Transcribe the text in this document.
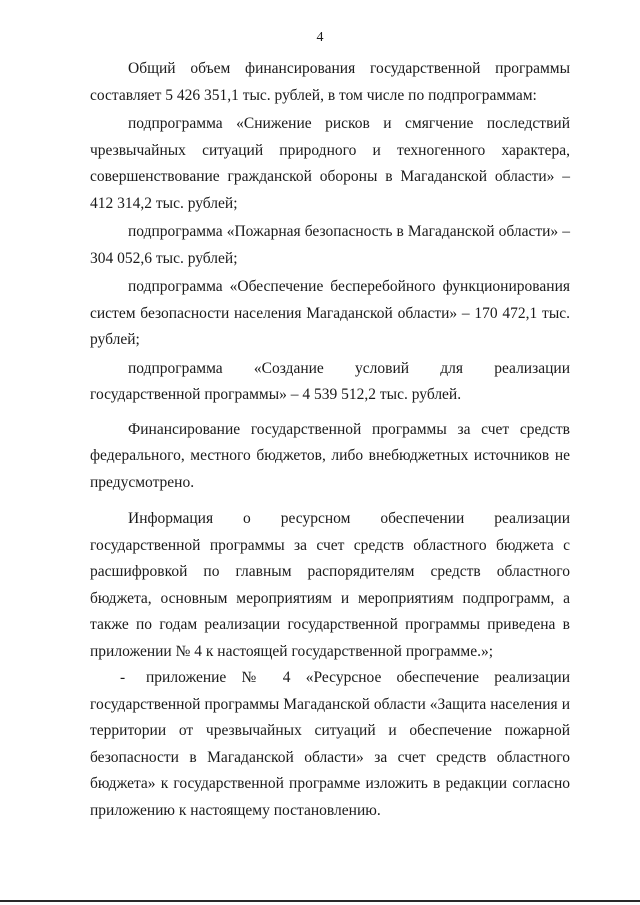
4

Общий объем финансирования государственной программы составляет 5 426 351,1 тыс. рублей, в том числе по подпрограммам:

подпрограмма «Снижение рисков и смягчение последствий чрезвычайных ситуаций природного и техногенного характера, совершенствование гражданской обороны в Магаданской области» – 412 314,2 тыс. рублей;

подпрограмма «Пожарная безопасность в Магаданской области» – 304 052,6 тыс. рублей;

подпрограмма «Обеспечение бесперебойного функционирования систем безопасности населения Магаданской области» – 170 472,1 тыс. рублей;

подпрограмма «Создание условий для реализации государственной программы» – 4 539 512,2 тыс. рублей.

Финансирование государственной программы за счет средств федерального, местного бюджетов, либо внебюджетных источников не предусмотрено.

Информация о ресурсном обеспечении реализации государственной программы за счет средств областного бюджета с расшифровкой по главным распорядителям средств областного бюджета, основным мероприятиям и мероприятиям подпрограмм, а также по годам реализации государственной программы приведена в приложении № 4 к настоящей государственной программе.»;

- приложение № 4 «Ресурсное обеспечение реализации государственной программы Магаданской области «Защита населения и территории от чрезвычайных ситуаций и обеспечение пожарной безопасности в Магаданской области» за счет средств областного бюджета» к государственной программе изложить в редакции согласно приложению к настоящему постановлению.
